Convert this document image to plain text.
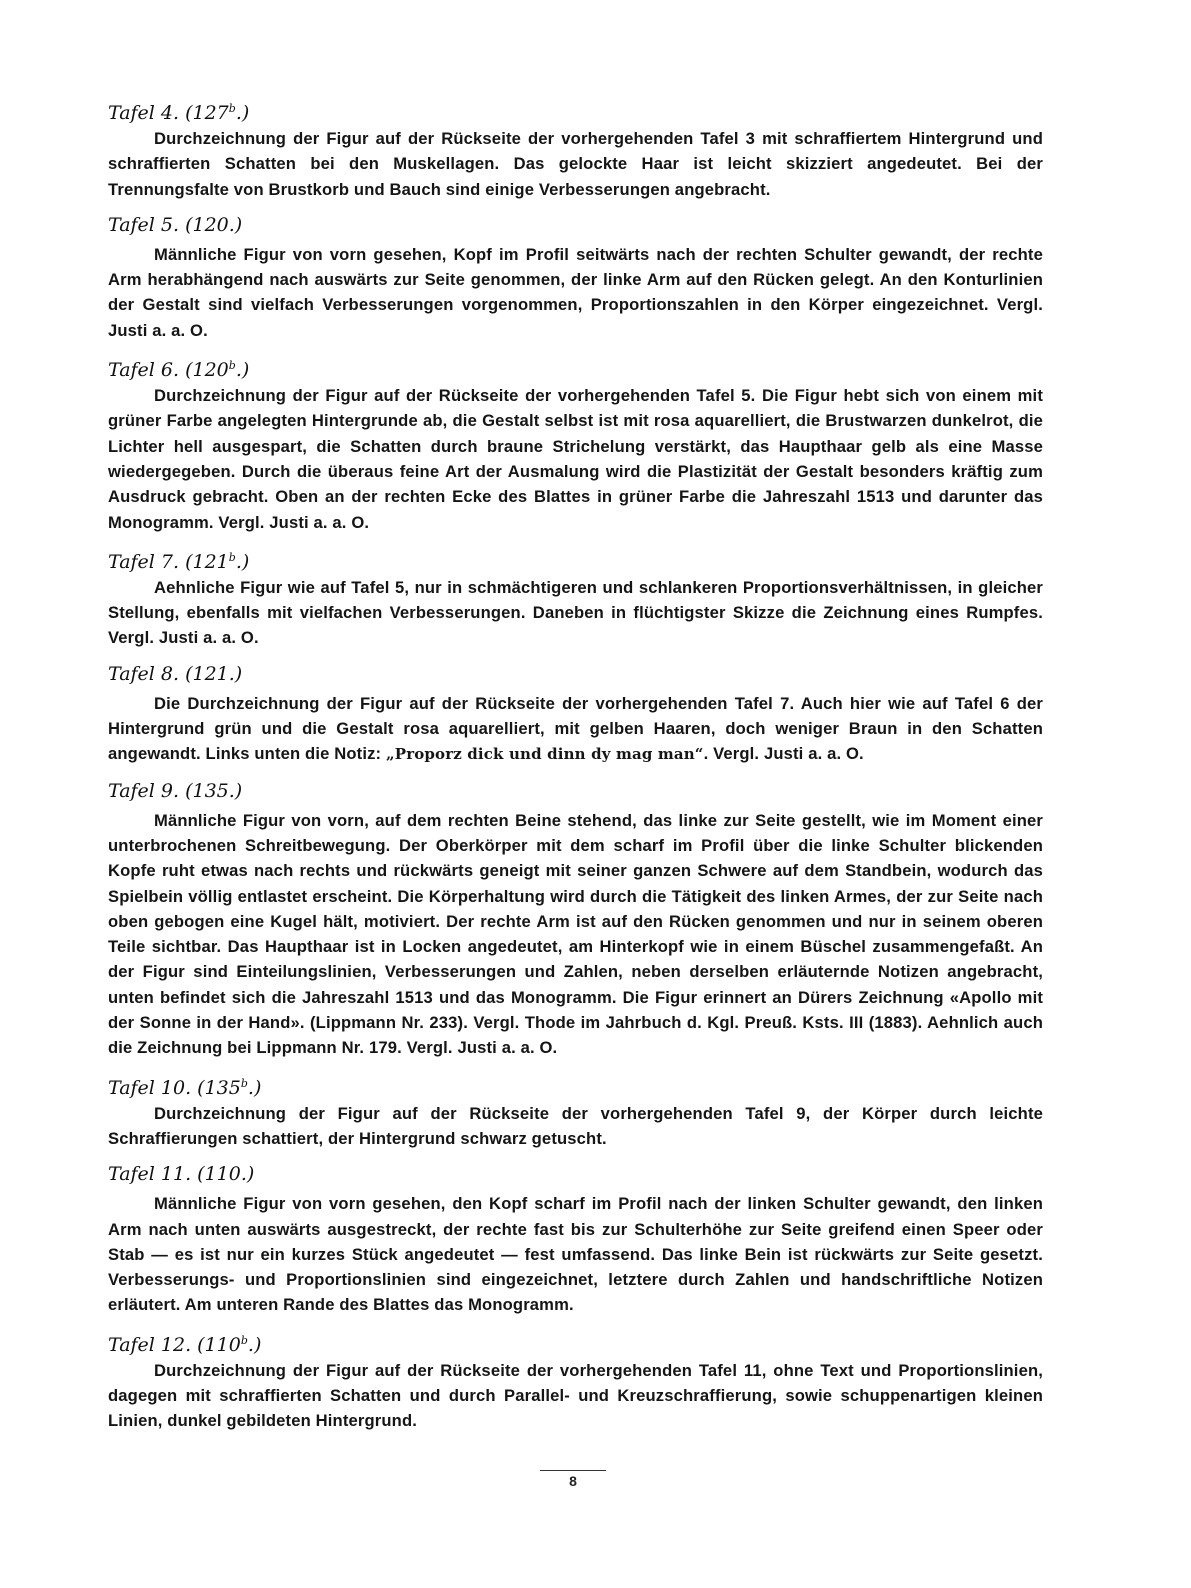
Tafel 4. (127$^b$.)

Durchzeichnung der Figur auf der Rückseite der vorhergehenden Tafel 3 mit schraffiertem Hintergrund und schraffierten Schatten bei den Muskellagen. Das gelockte Haar ist leicht skizziert angedeutet. Bei der Trennungsfalte von Brustkorb und Bauch sind einige Verbesserungen angebracht.

Tafel 5. (120.)

Männliche Figur von vorn gesehen, Kopf im Profil seitwärts nach der rechten Schulter gewandt, der rechte Arm herabhängend nach auswärts zur Seite genommen, der linke Arm auf den Rücken gelegt. An den Konturlinien der Gestalt sind vielfach Verbesserungen vorgenommen, Proportionszahlen in den Körper eingezeichnet. Vergl. Justi a. a. O.

Tafel 6. (120$^b$.)

Durchzeichnung der Figur auf der Rückseite der vorhergehenden Tafel 5. Die Figur hebt sich von einem mit grüner Farbe angelegten Hintergrunde ab, die Gestalt selbst ist mit rosa aquarelliert, die Brustwarzen dunkelrot, die Lichter hell ausgespart, die Schatten durch braune Strichelung verstärkt, das Haupthaar gelb als eine Masse wiedergegeben. Durch die überaus feine Art der Ausmalung wird die Plastizität der Gestalt besonders kräftig zum Ausdruck gebracht. Oben an der rechten Ecke des Blattes in grüner Farbe die Jahreszahl 1513 und darunter das Monogramm. Vergl. Justi a. a. O.

Tafel 7. (121$^b$.)

Aehnliche Figur wie auf Tafel 5, nur in schmächtigeren und schlankeren Proportionsverhältnissen, in gleicher Stellung, ebenfalls mit vielfachen Verbesserungen. Daneben in flüchtigster Skizze die Zeichnung eines Rumpfes. Vergl. Justi a. a. O.

Tafel 8. (121.)

Die Durchzeichnung der Figur auf der Rückseite der vorhergehenden Tafel 7. Auch hier wie auf Tafel 6 der Hintergrund grün und die Gestalt rosa aquarelliert, mit gelben Haaren, doch weniger Braun in den Schatten angewandt. Links unten die Notiz: „Proporz dick und dinn dy mag man“. Vergl. Justi a. a. O.

Tafel 9. (135.)

Männliche Figur von vorn, auf dem rechten Beine stehend, das linke zur Seite gestellt, wie im Moment einer unterbrochenen Schreitbewegung. Der Oberkörper mit dem scharf im Profil über die linke Schulter blickenden Kopfe ruht etwas nach rechts und rückwärts geneigt mit seiner ganzen Schwere auf dem Standbein, wodurch das Spielbein völlig entlastet erscheint. Die Körperhaltung wird durch die Tätigkeit des linken Armes, der zur Seite nach oben gebogen eine Kugel hält, motiviert. Der rechte Arm ist auf den Rücken genommen und nur in seinem oberen Teile sichtbar. Das Haupthaar ist in Locken angedeutet, am Hinterkopf wie in einem Büschel zusammengefaßt. An der Figur sind Einteilungslinien, Verbesserungen und Zahlen, neben derselben erläuternde Notizen angebracht, unten befindet sich die Jahreszahl 1513 und das Monogramm. Die Figur erinnert an Dürers Zeichnung «Apollo mit der Sonne in der Hand». (Lippmann Nr. 233). Vergl. Thode im Jahrbuch d. Kgl. Preuß. Ksts. III (1883). Aehnlich auch die Zeichnung bei Lippmann Nr. 179. Vergl. Justi a. a. O.

Tafel 10. (135$^b$.)

Durchzeichnung der Figur auf der Rückseite der vorhergehenden Tafel 9, der Körper durch leichte Schraffierungen schattiert, der Hintergrund schwarz getuscht.

Tafel 11. (110.)

Männliche Figur von vorn gesehen, den Kopf scharf im Profil nach der linken Schulter gewandt, den linken Arm nach unten auswärts ausgestreckt, der rechte fast bis zur Schulterhöhe zur Seite greifend einen Speer oder Stab — es ist nur ein kurzes Stück angedeutet — fest umfassend. Das linke Bein ist rückwärts zur Seite gesetzt. Verbesserungs- und Proportionslinien sind eingezeichnet, letztere durch Zahlen und handschriftliche Notizen erläutert. Am unteren Rande des Blattes das Monogramm.

Tafel 12. (110$^b$.)

Durchzeichnung der Figur auf der Rückseite der vorhergehenden Tafel 11, ohne Text und Proportionslinien, dagegen mit schraffierten Schatten und durch Parallel- und Kreuzschraffierung, sowie schuppenartigen kleinen Linien, dunkel gebildeten Hintergrund.

8
